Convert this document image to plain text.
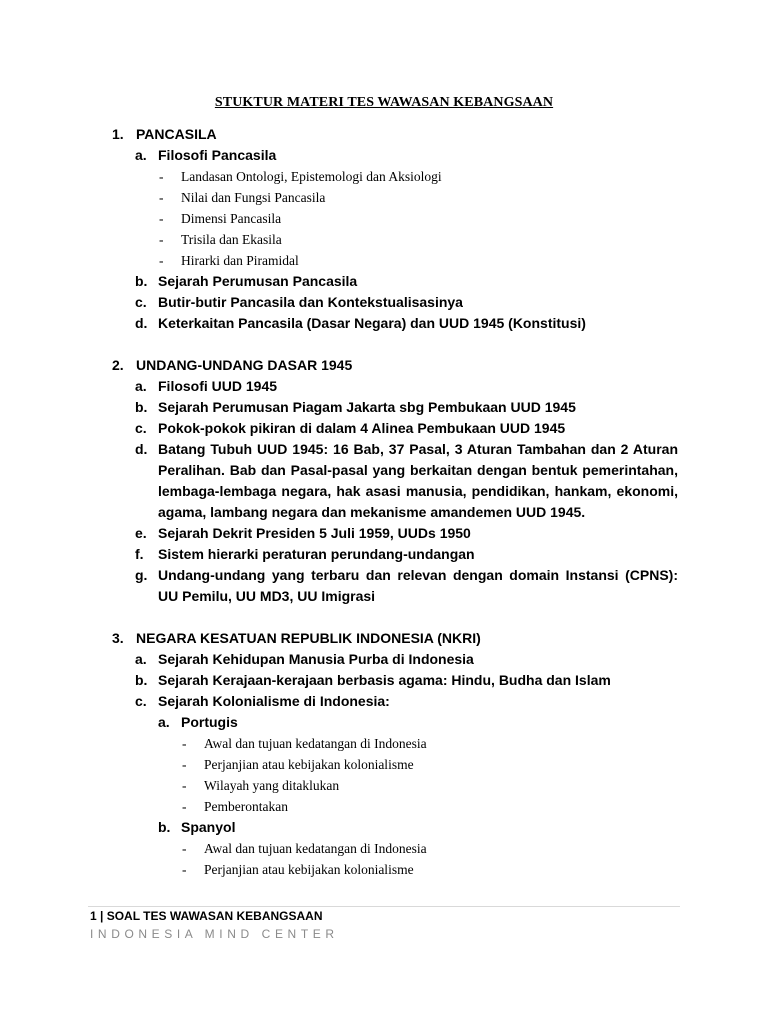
STUKTUR MATERI TES WAWASAN KEBANGSAAN
1. PANCASILA
a. Filosofi Pancasila
- Landasan Ontologi, Epistemologi dan Aksiologi
- Nilai dan Fungsi Pancasila
- Dimensi Pancasila
- Trisila dan Ekasila
- Hirarki dan Piramidal
b. Sejarah Perumusan Pancasila
c. Butir-butir Pancasila dan Kontekstualisasinya
d. Keterkaitan Pancasila (Dasar Negara) dan UUD 1945 (Konstitusi)
2. UNDANG-UNDANG DASAR 1945
a. Filosofi UUD 1945
b. Sejarah Perumusan Piagam Jakarta sbg Pembukaan UUD 1945
c. Pokok-pokok pikiran di dalam 4 Alinea Pembukaan UUD 1945
d. Batang Tubuh UUD 1945: 16 Bab, 37 Pasal, 3 Aturan Tambahan dan 2 Aturan Peralihan. Bab dan Pasal-pasal yang berkaitan dengan bentuk pemerintahan, lembaga-lembaga negara, hak asasi manusia, pendidikan, hankam, ekonomi, agama, lambang negara dan mekanisme amandemen UUD 1945.
e. Sejarah Dekrit Presiden 5 Juli 1959, UUDs 1950
f. Sistem hierarki peraturan perundang-undangan
g. Undang-undang yang terbaru dan relevan dengan domain Instansi (CPNS): UU Pemilu, UU MD3, UU Imigrasi
3. NEGARA KESATUAN REPUBLIK INDONESIA (NKRI)
a. Sejarah Kehidupan Manusia Purba di Indonesia
b. Sejarah Kerajaan-kerajaan berbasis agama: Hindu, Budha dan Islam
c. Sejarah Kolonialisme di Indonesia:
a. Portugis
- Awal dan tujuan kedatangan di Indonesia
- Perjanjian atau kebijakan kolonialisme
- Wilayah yang ditaklukan
- Pemberontakan
b. Spanyol
- Awal dan tujuan kedatangan di Indonesia
- Perjanjian atau kebijakan kolonialisme
1 | SOAL TES WAWASAN KEBANGSAAN
INDONESIA MIND CENTER
